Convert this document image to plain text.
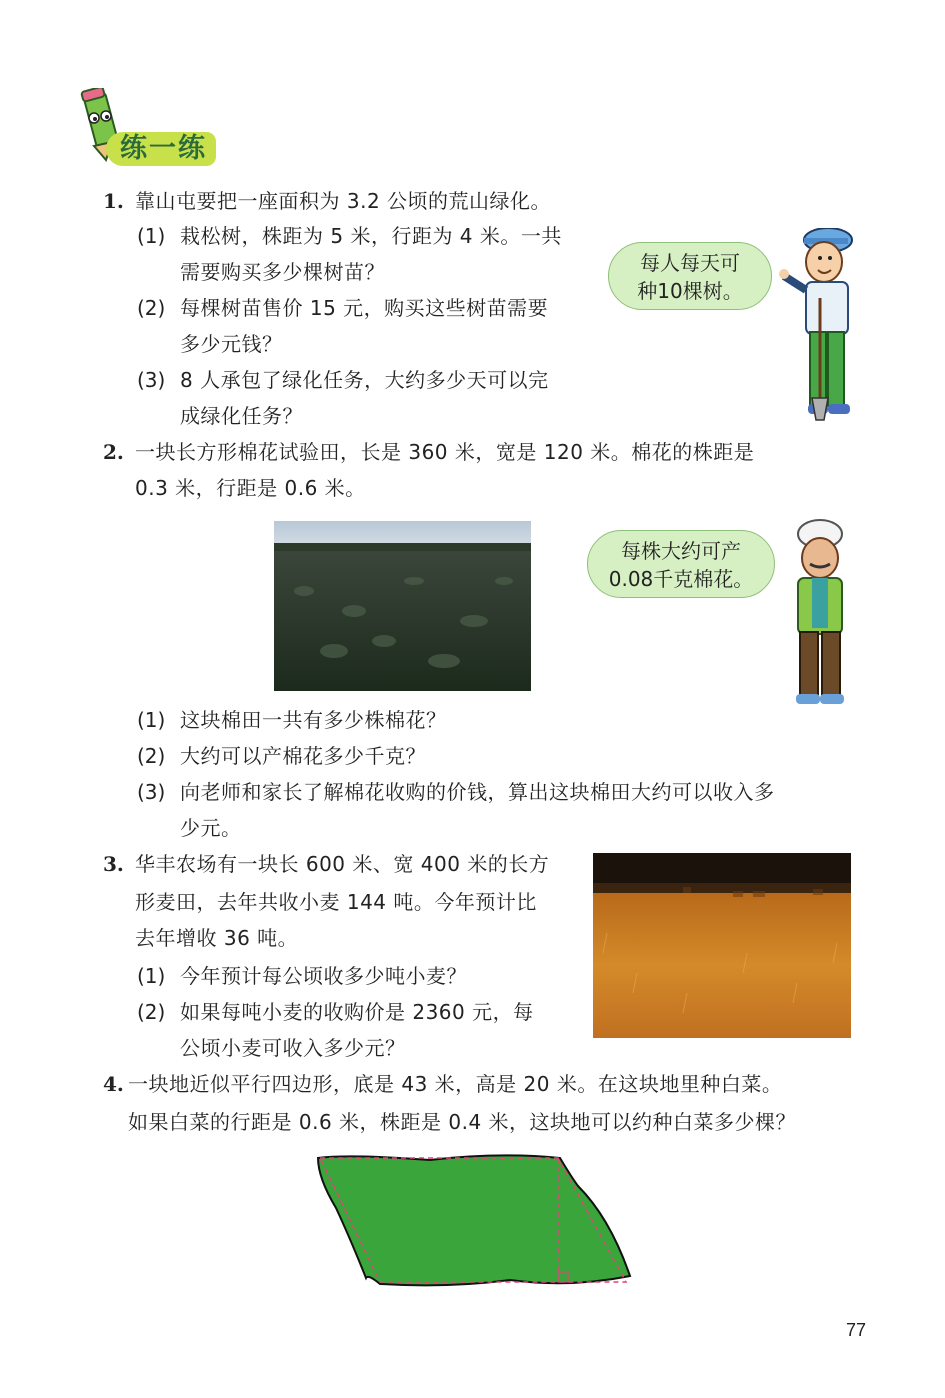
练一练
1. 靠山屯要把一座面积为 3.2 公顷的荒山绿化。
(1) 栽松树，株距为 5 米，行距为 4 米。一共
需要购买多少棵树苗？
(2) 每棵树苗售价 15 元，购买这些树苗需要
多少元钱？
(3) 8 人承包了绿化任务，大约多少天可以完
成绿化任务？
每人每天可
种10棵树。
2. 一块长方形棉花试验田，长是 360 米，宽是 120 米。棉花的株距是
0.3 米，行距是 0.6 米。
每株大约可产
0.08千克棉花。
(1) 这块棉田一共有多少株棉花？
(2) 大约可以产棉花多少千克？
(3) 向老师和家长了解棉花收购的价钱，算出这块棉田大约可以收入多
少元。
3. 华丰农场有一块长 600 米、宽 400 米的长方
形麦田，去年共收小麦 144 吨。今年预计比
去年增收 36 吨。
(1) 今年预计每公顷收多少吨小麦？
(2) 如果每吨小麦的收购价是 2360 元，每
公顷小麦可收入多少元？
4. 一块地近似平行四边形，底是 43 米，高是 20 米。在这块地里种白菜。
如果白菜的行距是 0.6 米，株距是 0.4 米，这块地可以约种白菜多少棵？
77
